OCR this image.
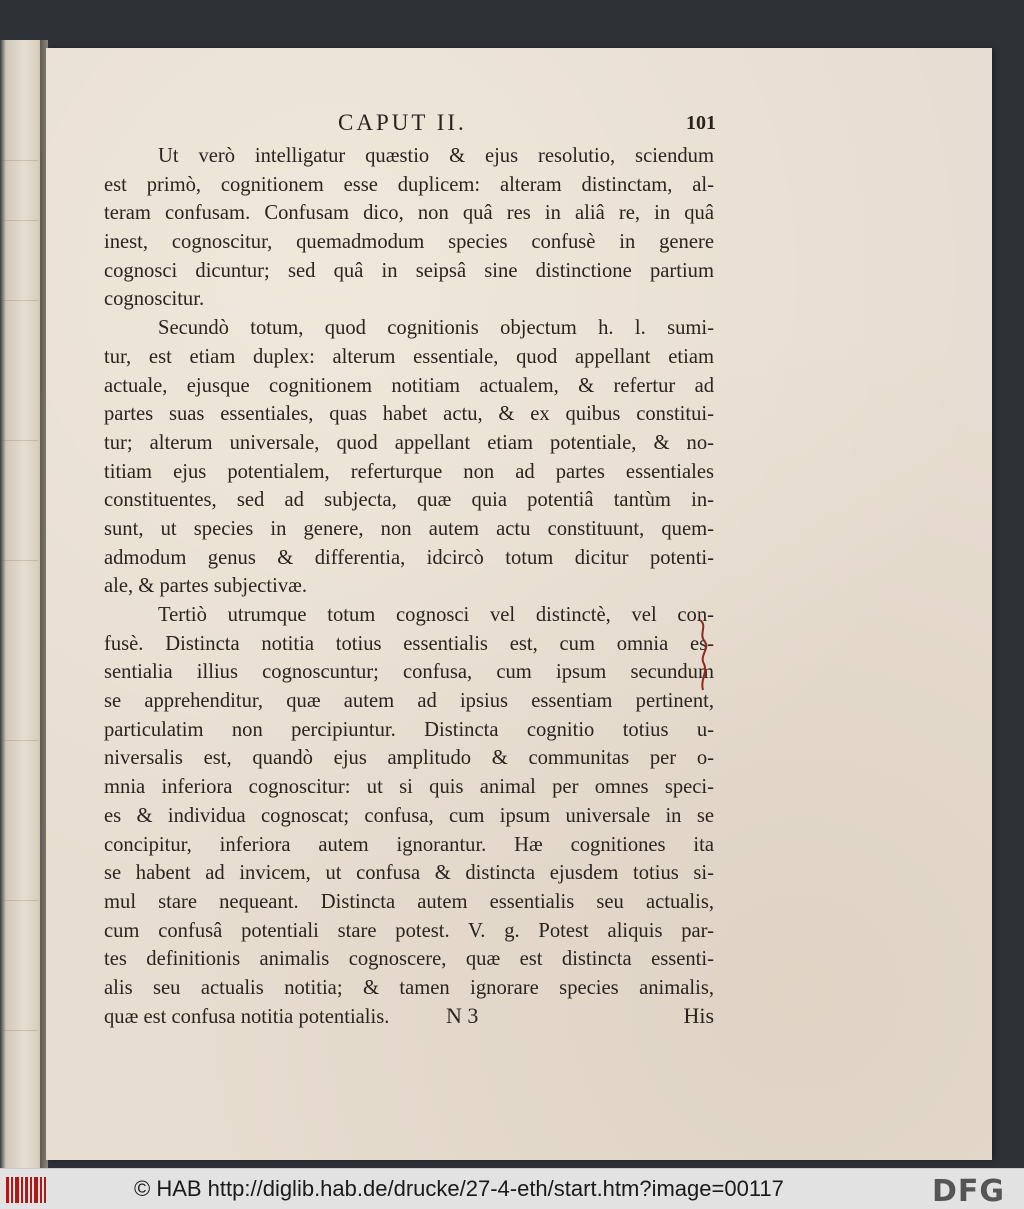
CAPUT II.	101
Ut verò intelligatur quæstio & ejus resolutio, sciendum
est primò, cognitionem esse duplicem: alteram distinctam, al-
teram confusam. Confusam dico, non quâ res in aliâ re, in quâ
inest, cognoscitur, quemadmodum species confusè in genere
cognosci dicuntur; sed quâ in seipsâ sine distinctione partium
cognoscitur.
Secundò totum, quod cognitionis objectum h. l. sumi-
tur, est etiam duplex: alterum essentiale, quod appellant etiam
actuale, ejusque cognitionem notitiam actualem, & refertur ad
partes suas essentiales, quas habet actu, & ex quibus constitui-
tur; alterum universale, quod appellant etiam potentiale, & no-
titiam ejus potentialem, referturque non ad partes essentiales
constituentes, sed ad subjecta, quæ quia potentiâ tantùm in-
sunt, ut species in genere, non autem actu constituunt, quem-
admodum genus & differentia, idcircò totum dicitur potenti-
ale, & partes subjectivæ.
Tertiò utrumque totum cognosci vel distinctè, vel con-
fusè. Distincta notitia totius essentialis est, cum omnia es-
sentialia illius cognoscuntur; confusa, cum ipsum secundum
se apprehenditur, quæ autem ad ipsius essentiam pertinent,
particulatim non percipiuntur. Distincta cognitio totius u-
niversalis est, quandò ejus amplitudo & communitas per o-
mnia inferiora cognoscitur: ut si quis animal per omnes speci-
es & individua cognoscat; confusa, cum ipsum universale in se
concipitur, inferiora autem ignorantur. Hæ cognitiones ita
se habent ad invicem, ut confusa & distincta ejusdem totius si-
mul stare nequeant. Distincta autem essentialis seu actualis,
cum confusâ potentiali stare potest. V. g. Potest aliquis par-
tes definitionis animalis cognoscere, quæ est distincta essenti-
alis seu actualis notitia; & tamen ignorare species animalis,
quæ est confusa notitia potentialis.	N 3	His
© HAB http://diglib.hab.de/drucke/27-4-eth/start.htm?image=00117	DFG
